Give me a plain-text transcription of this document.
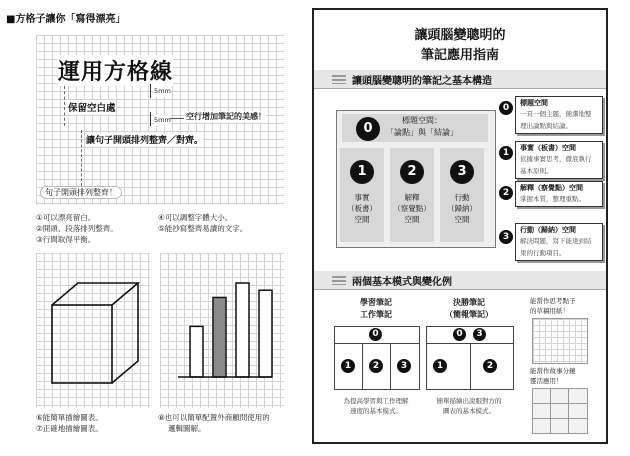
■方格子讓你「寫得漂亮」
運用方格線
保留空白處
5mm
5mm 空行增加筆記的美感！
讓句子開頭排列整齊／對齊。
句子開頭排列整齊！
①可以漂亮留白。
②開頭、段落排列整齊。
③行間取得平衡。
④可以調整字體大小。
⑤能抄寫整齊易讀的文字。
⑥能簡單描繪圖表。
⑦正確地描繪圖表。
⑧也可以簡單配置外商顧問使用的
邏輯圖解。
讓頭腦變聰明的
筆記應用指南
讓頭腦變聰明的筆記之基本構造
0
標題空間：
「論點」與「結論」
1	2	3
事實
（板書）
空間
解釋
（察覺點）
空間
行動
（歸納）
空間
0	標題空間
一頁一個主題，簡潔地整
理出論點與結論。
1	事實（板書）空間
依據事實思考，徹底執行
基本原則。
2	解釋（察覺點）空間
掌握本質，整理重點。
3
行動（歸納）空間
解決問題，寫下能達到結
果的行動項目。
兩個基本模式與變化例
學習筆記
工作筆記
決勝筆記
（簡報筆記）
0
1	2	3
0	3
1	2
為提高學習與工作理解
速度的基本模式。
簡單描繪出說服對方的
圖表的基本模式。
能當作思考點子
的草稿用紙！
能當作故事分鏡
靈活應用！
